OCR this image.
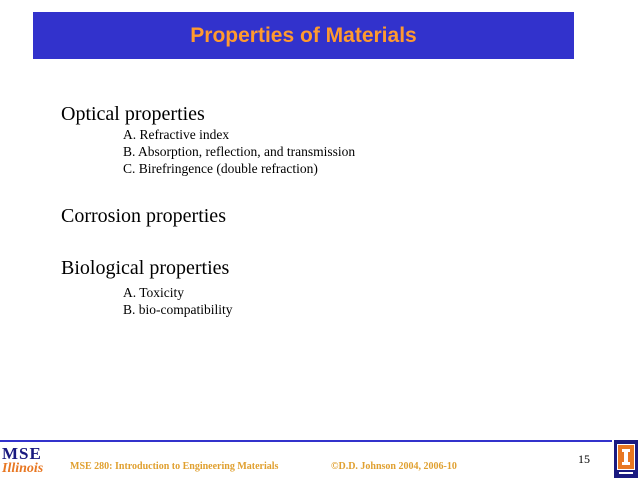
Properties of Materials
Optical properties
A. Refractive index
B. Absorption, reflection, and transmission
C. Birefringence (double refraction)
Corrosion properties
Biological properties
A. Toxicity
B. bio-compatibility
MSE
Illinois	MSE 280: Introduction to Engineering Materials	©D.D. Johnson 2004, 2006-10
15
